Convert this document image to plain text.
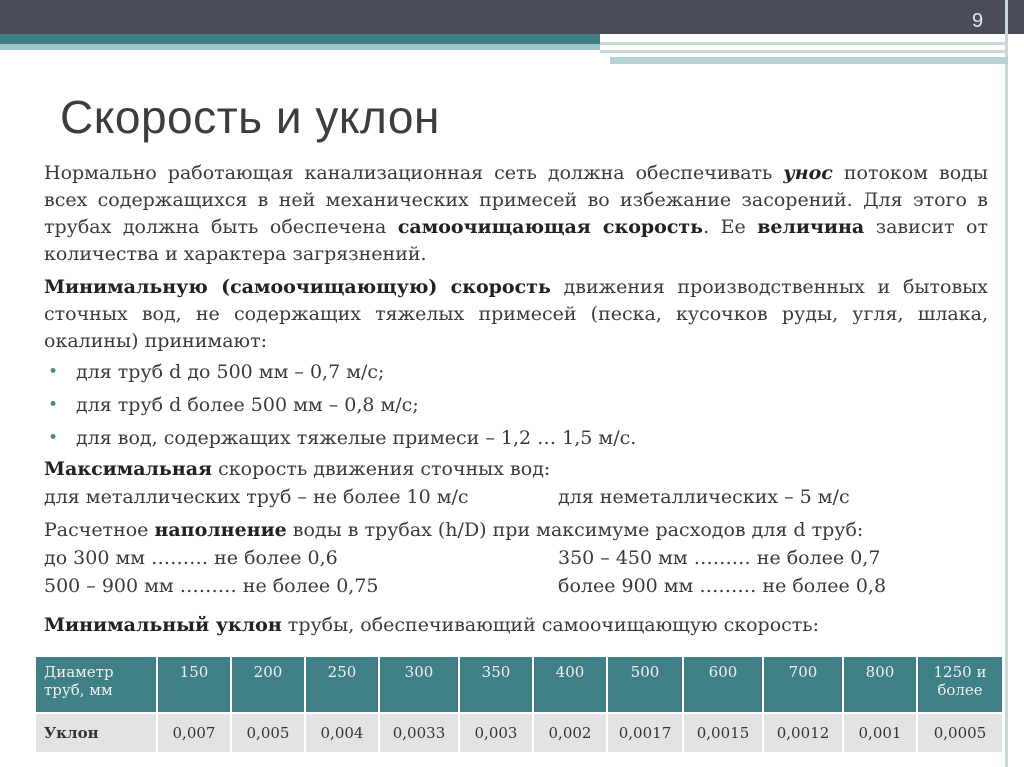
9
Скорость и уклон

Нормально работающая канализационная сеть должна обеспечивать унос потоком воды всех содержащихся в ней механических примесей во избежание засорений. Для этого в трубах должна быть обеспечена самоочищающая скорость. Ее величина зависит от количества и характера загрязнений.

Минимальную (самоочищающую) скорость движения производственных и бытовых сточных вод, не содержащих тяжелых примесей (песка, кусочков руды, угля, шлака, окалины) принимают:

• для труб d до 500 мм – 0,7 м/с;
• для труб d более 500 мм – 0,8 м/с;
• для вод, содержащих тяжелые примеси – 1,2 … 1,5 м/с.

Максимальная скорость движения сточных вод:

для металлических труб – не более 10 м/с	для неметаллических – 5 м/с

Расчетное наполнение воды в трубах (h/D) при максимуме расходов для d труб:

до 300 мм ……… не более 0,6	350 – 450 мм ……… не более 0,7
500 – 900 мм ……… не более 0,75	более 900 мм ……… не более 0,8

Минимальный уклон трубы, обеспечивающий самоочищающую скорость:

Диаметр труб, мм	150	200	250	300	350	400	500	600	700	800	1250 и более
Уклон	0,007	0,005	0,004	0,0033	0,003	0,002	0,0017	0,0015	0,0012	0,001	0,0005
